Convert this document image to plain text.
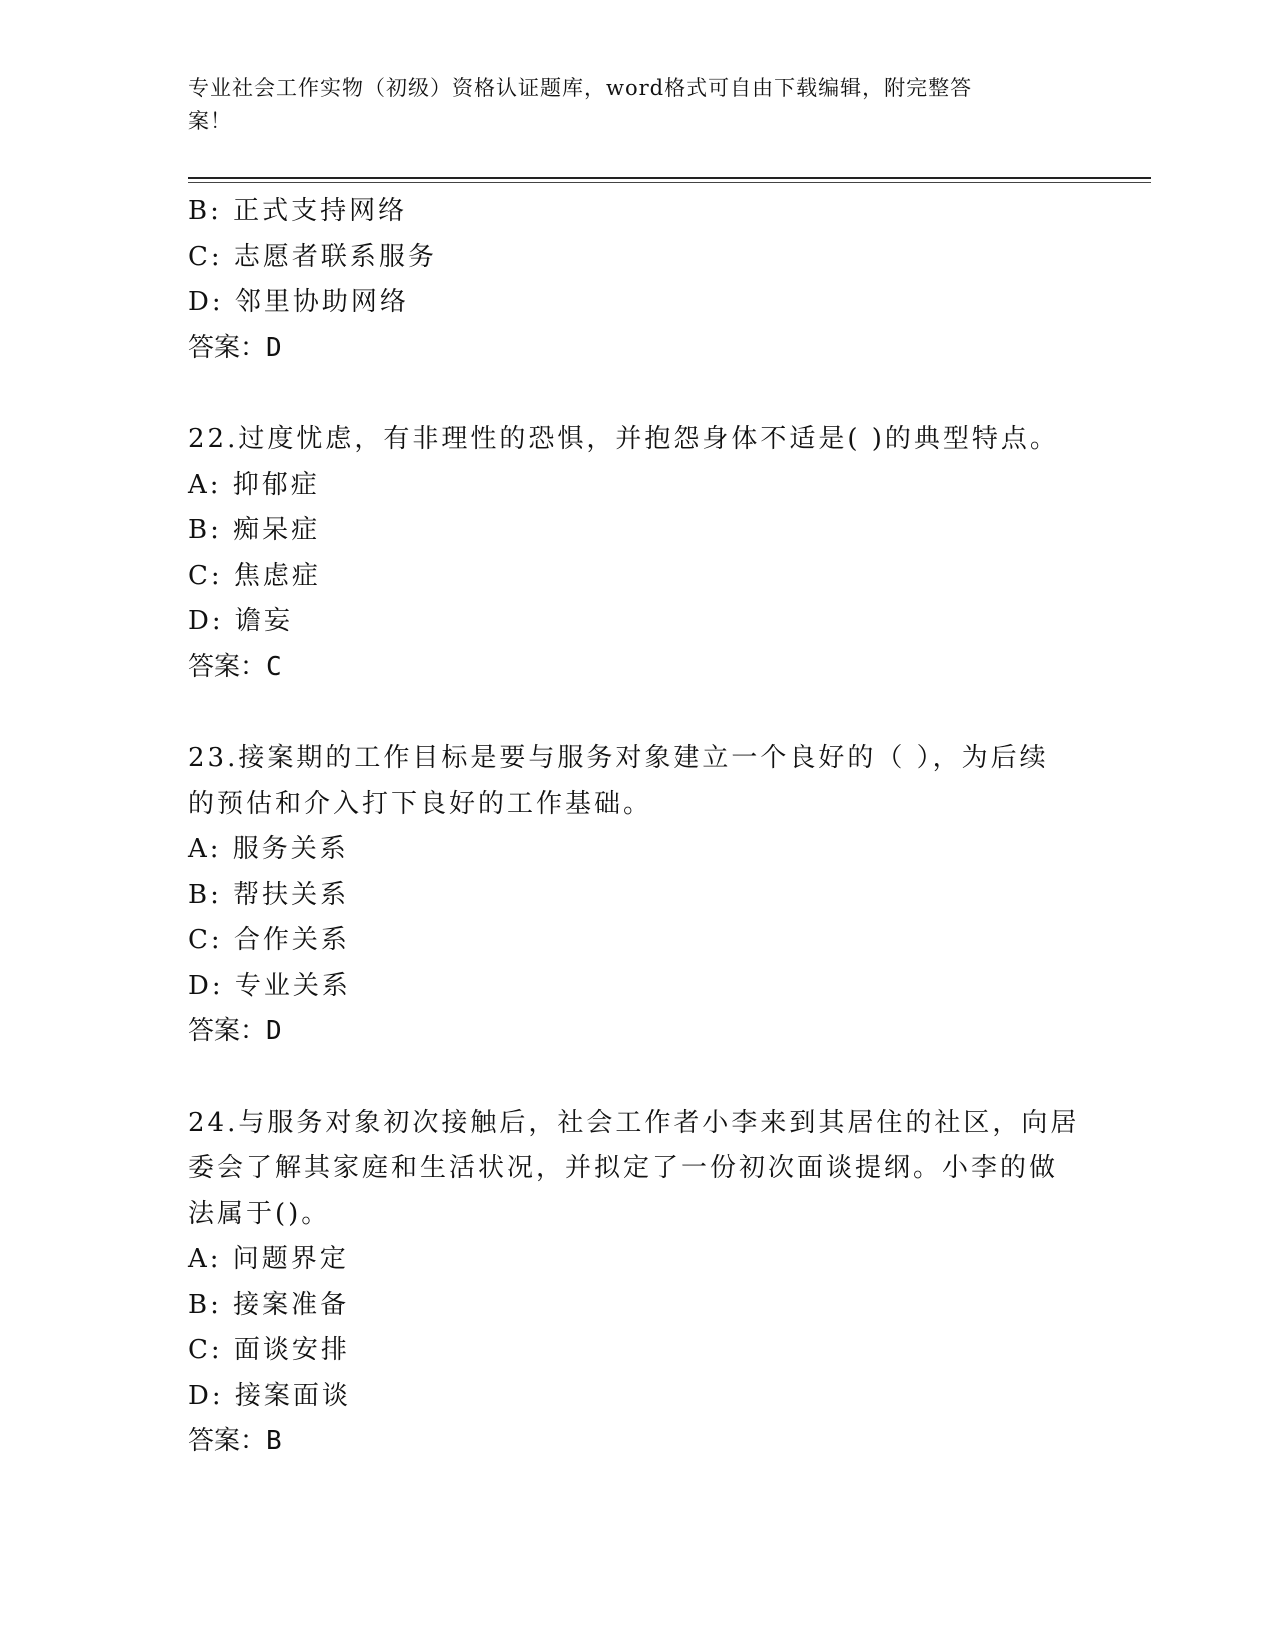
专业社会工作实物（初级）资格认证题库，word格式可自由下载编辑，附完整答
案！
B: 正式支持网络
C: 志愿者联系服务
D: 邻里协助网络
答案：D
22.过度忧虑，有非理性的恐惧，并抱怨身体不适是( )的典型特点。
A: 抑郁症
B: 痴呆症
C: 焦虑症
D: 谵妄
答案：C
23.接案期的工作目标是要与服务对象建立一个良好的（ ），为后续
的预估和介入打下良好的工作基础。
A: 服务关系
B: 帮扶关系
C: 合作关系
D: 专业关系
答案：D
24.与服务对象初次接触后，社会工作者小李来到其居住的社区，向居
委会了解其家庭和生活状况，并拟定了一份初次面谈提纲。小李的做
法属于()。
A: 问题界定
B: 接案准备
C: 面谈安排
D: 接案面谈
答案：B
